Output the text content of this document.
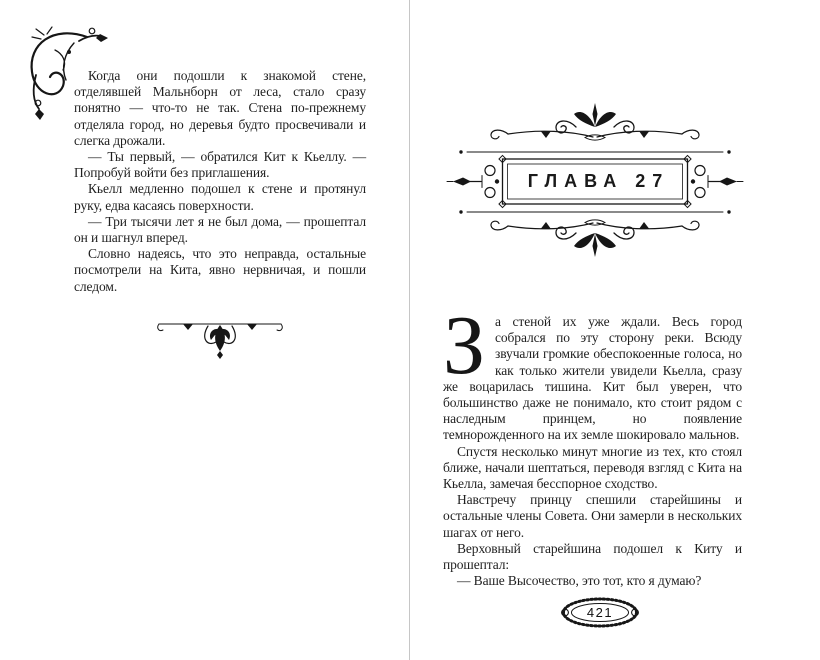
Когда они подошли к знакомой стене, отделявшей Мальнборн от леса, стало сразу понятно — что-то не так. Стена по-прежнему отделяла город, но деревья будто просвечивали и слегка дрожали.

— Ты первый, — обратился Кит к Кьеллу. — Попробуй войти без приглашения.

Кьелл медленно подошел к стене и протянул руку, едва касаясь поверхности.

— Три тысячи лет я не был дома, — прошептал он и шагнул вперед.

Словно надеясь, что это неправда, остальные посмотрели на Кита, явно нервничая, и пошли следом.

ГЛАВА 27

За стеной их уже ждали. Весь город собрался по эту сторону реки. Всюду звучали громкие обеспокоенные голоса, но как только жители увидели Кьелла, сразу же воцарилась тишина. Кит был уверен, что большинство даже не понимало, кто стоит рядом с наследным принцем, но появление темнорожденного на их земле шокировало мальнов.

Спустя несколько минут многие из тех, кто стоял ближе, начали шептаться, переводя взгляд с Кита на Кьелла, замечая бесспорное сходство.

Навстречу принцу спешили старейшины и остальные члены Совета. Они замерли в нескольких шагах от него.

Верховный старейшина подошел к Киту и прошептал:

— Ваше Высочество, это тот, кто я думаю?

421
